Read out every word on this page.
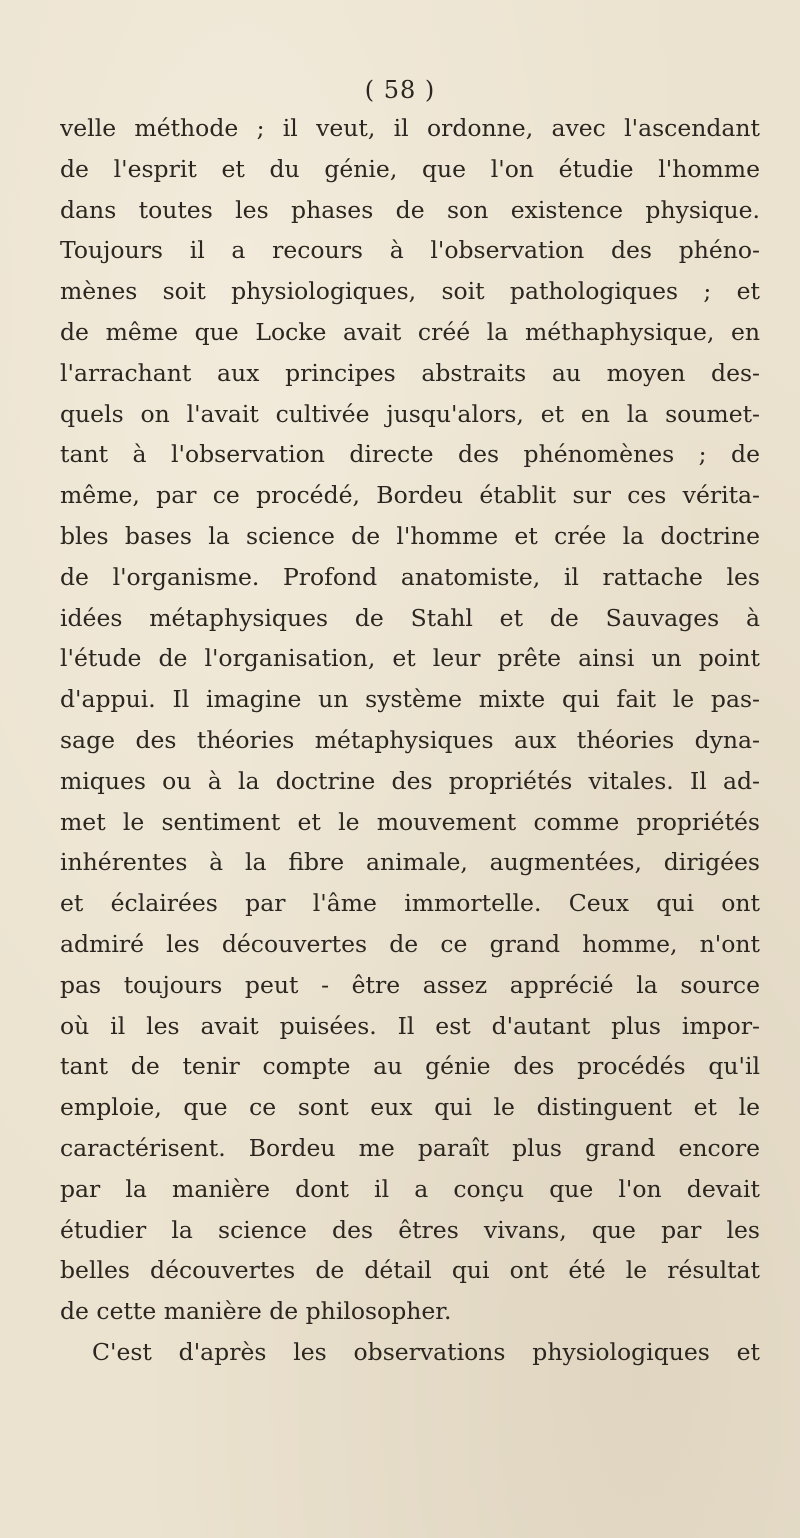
( 58 )
velle méthode ; il veut, il ordonne, avec l'ascendant
de l'esprit et du génie, que l'on étudie l'homme
dans toutes les phases de son existence physique.
Toujours il a recours à l'observation des phéno-
mènes soit physiologiques, soit pathologiques ; et
de même que Locke avait créé la méthaphysique, en
l'arrachant aux principes abstraits au moyen des-
quels on l'avait cultivée jusqu'alors, et en la soumet-
tant à l'observation directe des phénomènes ; de
même, par ce procédé, Bordeu établit sur ces vérita-
bles bases la science de l'homme et crée la doctrine
de l'organisme. Profond anatomiste, il rattache les
idées métaphysiques de Stahl et de Sauvages à
l'étude de l'organisation, et leur prête ainsi un point
d'appui. Il imagine un système mixte qui fait le pas-
sage des théories métaphysiques aux théories dyna-
miques ou à la doctrine des propriétés vitales. Il ad-
met le sentiment et le mouvement comme propriétés
inhérentes à la fibre animale, augmentées, dirigées
et éclairées par l'âme immortelle. Ceux qui ont
admiré les découvertes de ce grand homme, n'ont
pas toujours peut - être assez apprécié la source
où il les avait puisées. Il est d'autant plus impor-
tant de tenir compte au génie des procédés qu'il
emploie, que ce sont eux qui le distinguent et le
caractérisent. Bordeu me paraît plus grand encore
par la manière dont il a conçu que l'on devait
étudier la science des êtres vivans, que par les
belles découvertes de détail qui ont été le résultat
de cette manière de philosopher.
C'est d'après les observations physiologiques et
